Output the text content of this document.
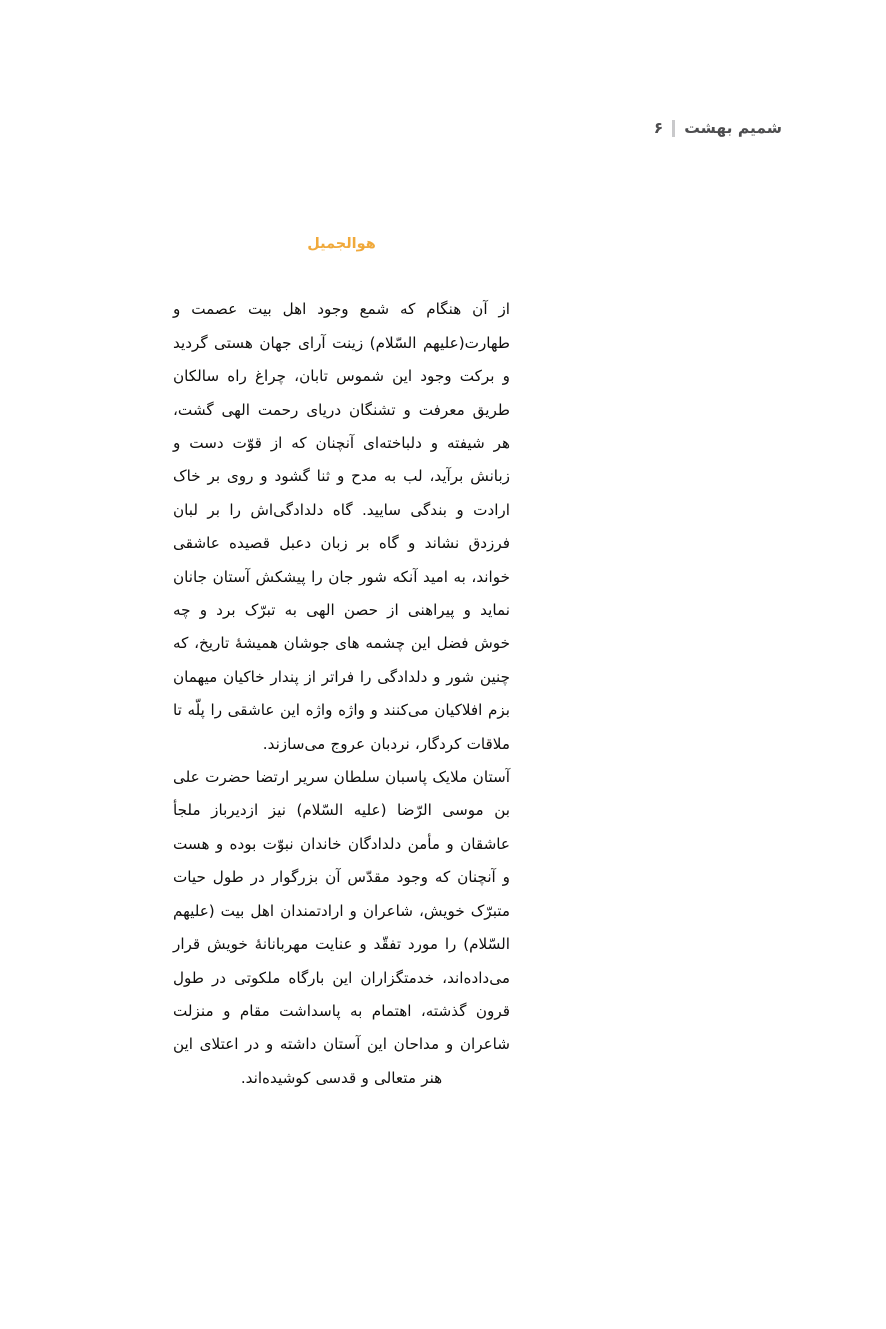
شمیم بهشت
۶

هوالجمیل

از آن هنگام که شمع وجود اهل بیت عصمت و طهارت(علیهم السّلام) زینت آرای جهان هستی گردید و برکت وجود این شموس تابان، چراغ راه سالکان طریق معرفت و تشنگان دریای رحمت الهی گشت، هر شیفته و دلباخته‌ای آنچنان که از قوّت دست و زبانش برآید، لب به مدح و ثنا گشود و روی بر خاک ارادت و بندگی سایید. گاه دلدادگی‌اش را بر لبان فرزدق نشاند و گاه بر زبان دعبل قصیده عاشقی خواند، به امید آنکه شور جان را پیشکش آستان جانان نماید و پیراهنی از حصن الهی به تبرّک برد و چه خوش فضل این چشمه های جوشان همیشهٔ تاریخ، که چنین شور و دلدادگی را فراتر از پندار خاکیان میهمان بزم افلاکیان می‌کنند و واژه واژه این عاشقی را پلّه تا ملاقات کردگار، نردبان عروج می‌سازند.

آستان ملایک پاسبان سلطان سریر ارتضا حضرت علی بن موسی الرّضا (علیه السّلام) نیز ازدیرباز ملجأ عاشقان و مأمن دلدادگان خاندان نبوّت بوده و هست و آنچنان که وجود مقدّس آن بزرگوار در طول حیات متبرّک خویش، شاعران و ارادتمندان اهل بیت (علیهم السّلام) را مورد تفقّد و عنایت مهربانانهٔ خویش قرار می‌داده‌اند، خدمتگزاران این بارگاه ملکوتی در طول قرون گذشته، اهتمام به پاسداشت مقام و منزلت شاعران و مداحان این آستان داشته و در اعتلای این هنر متعالی و قدسی کوشیده‌اند.
